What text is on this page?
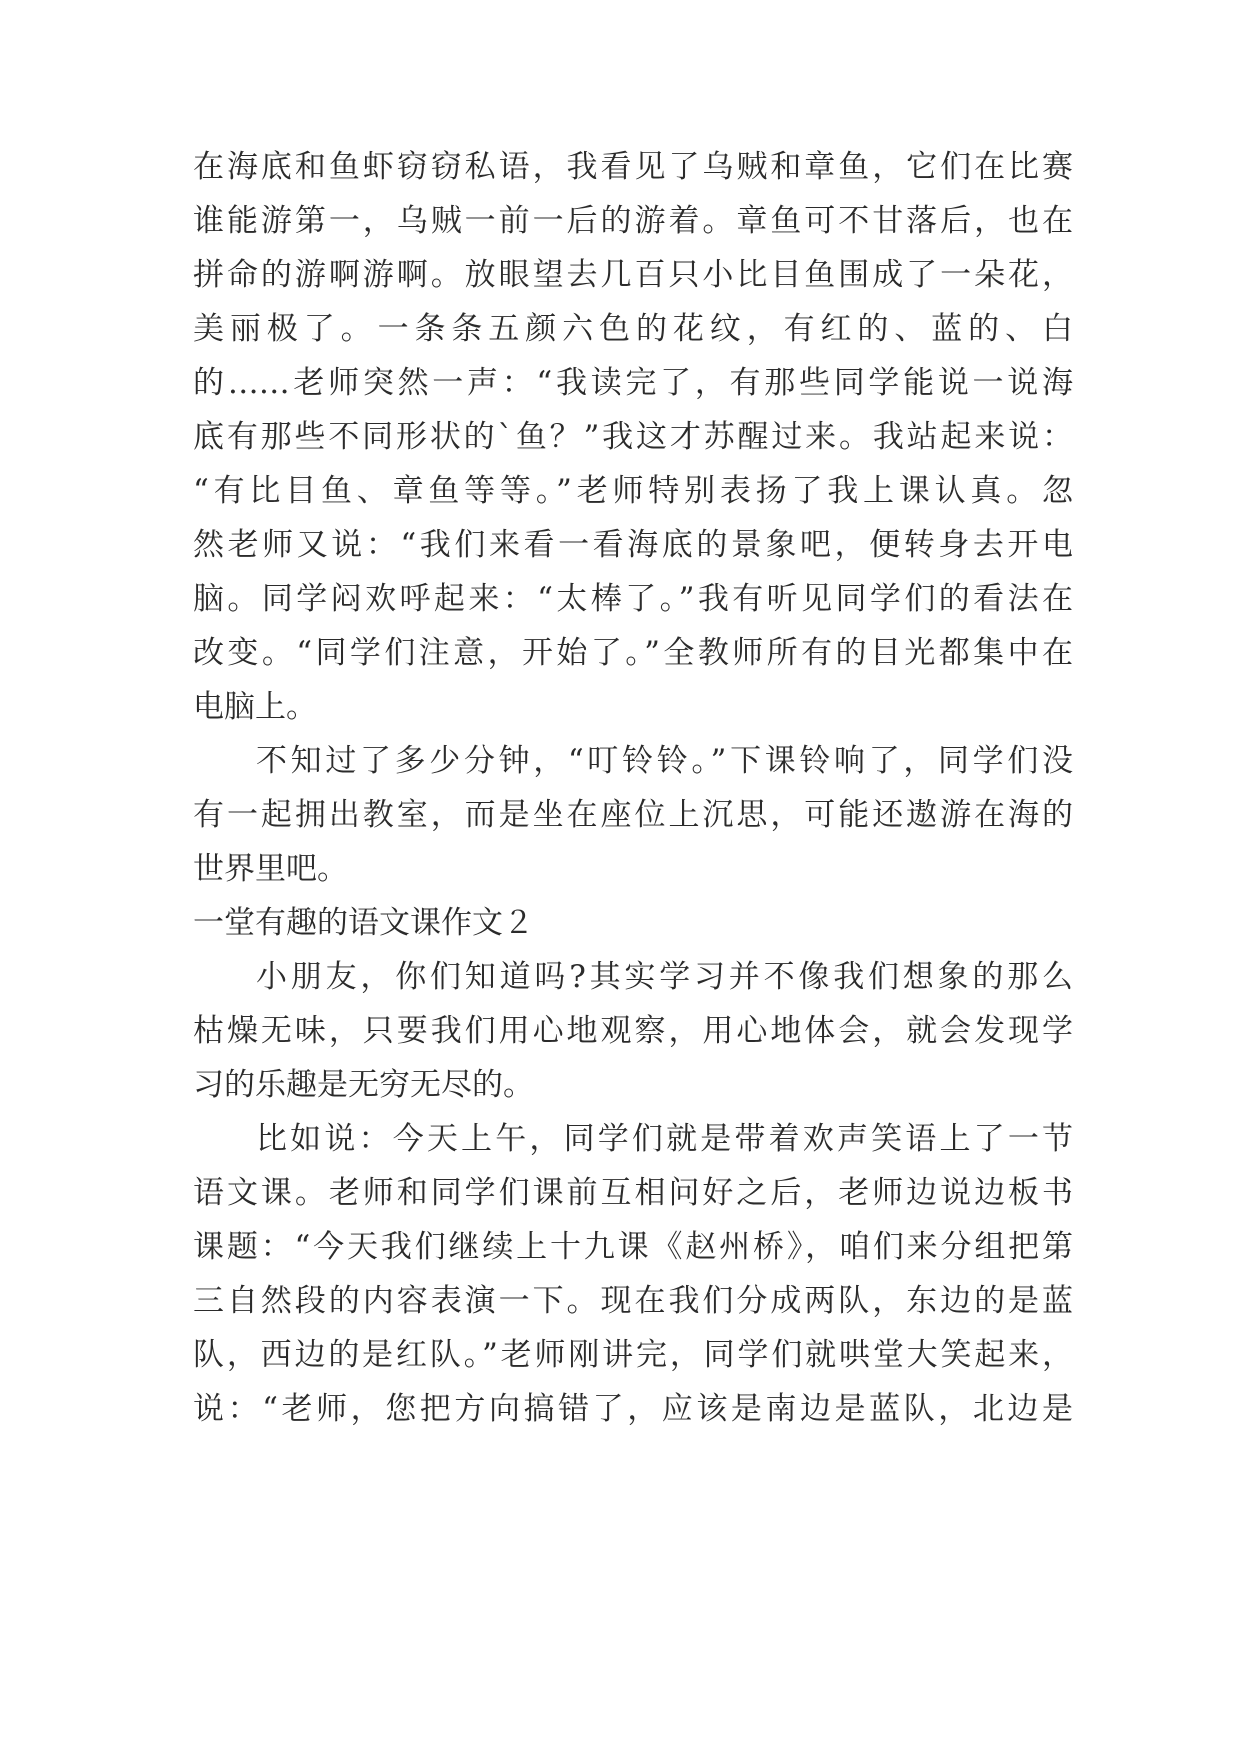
在海底和鱼虾窃窃私语，我看见了乌贼和章鱼，它们在比赛
谁能游第一，乌贼一前一后的游着。章鱼可不甘落后，也在
拼命的游啊游啊。放眼望去几百只小比目鱼围成了一朵花，
美丽极了。一条条五颜六色的花纹，有红的、蓝的、白
的……老师突然一声：“我读完了，有那些同学能说一说海
底有那些不同形状的`鱼？”我这才苏醒过来。我站起来说：
“有比目鱼、章鱼等等。”老师特别表扬了我上课认真。忽
然老师又说：“我们来看一看海底的景象吧，便转身去开电
脑。同学闷欢呼起来：“太棒了。”我有听见同学们的看法在
改变。“同学们注意，开始了。”全教师所有的目光都集中在
电脑上。
不知过了多少分钟，“叮铃铃。”下课铃响了，同学们没
有一起拥出教室，而是坐在座位上沉思，可能还遨游在海的
世界里吧。
一堂有趣的语文课作文２
小朋友，你们知道吗?其实学习并不像我们想象的那么
枯燥无味，只要我们用心地观察，用心地体会，就会发现学
习的乐趣是无穷无尽的。
比如说：今天上午，同学们就是带着欢声笑语上了一节
语文课。老师和同学们课前互相问好之后，老师边说边板书
课题：“今天我们继续上十九课《赵州桥》，咱们来分组把第
三自然段的内容表演一下。现在我们分成两队，东边的是蓝
队，西边的是红队。”老师刚讲完，同学们就哄堂大笑起来，
说：“老师，您把方向搞错了，应该是南边是蓝队，北边是
